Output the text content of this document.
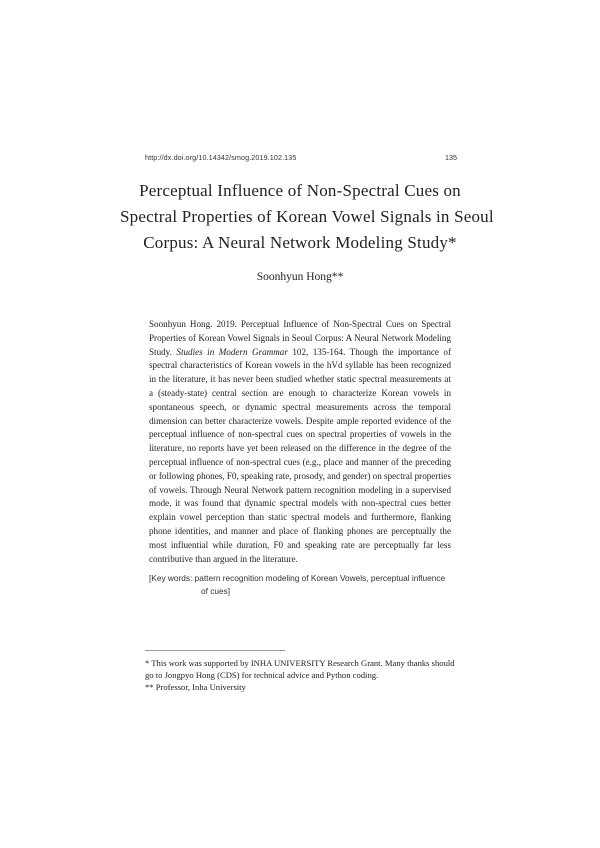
http://dx.doi.org/10.14342/smog.2019.102.135	135
Perceptual Influence of Non-Spectral Cues on
Spectral Properties of Korean Vowel Signals in Seoul
Corpus: A Neural Network Modeling Study*
Soonhyun Hong**
Soonhyun Hong. 2019. Perceptual Influence of Non-Spectral Cues on Spectral Properties of Korean Vowel Signals in Seoul Corpus: A Neural Network Modeling Study. Studies in Modern Grammar 102, 135-164. Though the importance of spectral characteristics of Korean vowels in the hVd syllable has been recognized in the literature, it has never been studied whether static spectral measurements at a (steady-state) central section are enough to characterize Korean vowels in spontaneous speech, or dynamic spectral measurements across the temporal dimension can better characterize vowels. Despite ample reported evidence of the perceptual influence of non-spectral cues on spectral properties of vowels in the literature, no reports have yet been released on the difference in the degree of the perceptual influence of non-spectral cues (e.g., place and manner of the preceding or following phones, F0, speaking rate, prosody, and gender) on spectral properties of vowels. Through Neural Network pattern recognition modeling in a supervised mode, it was found that dynamic spectral models with non-spectral cues better explain vowel perception than static spectral models and furthermore, flanking phone identities, and manner and place of flanking phones are perceptually the most influential while duration, F0 and speaking rate are perceptually far less contributive than argued in the literature.
[Key words: pattern recognition modeling of Korean Vowels, perceptual influence
of cues]
* This work was supported by INHA UNIVERSITY Research Grant. Many thanks should go to Jongpyo Hong (CDS) for technical advice and Python coding.
** Professor, Inha University
